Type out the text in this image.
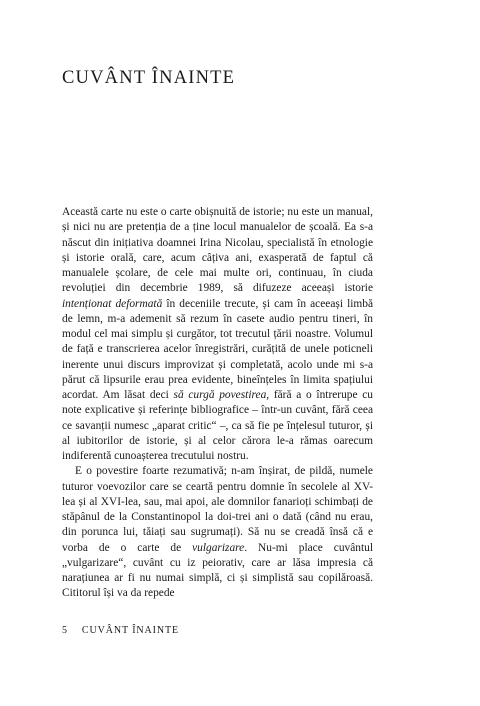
CUVÂNT ÎNAINTE

Această carte nu este o carte obișnuită de istorie; nu este un manual, și nici nu are pretenția de a ține locul manualelor de școală. Ea s-a născut din inițiativa doamnei Irina Nicolau, specialistă în etnologie și istorie orală, care, acum câțiva ani, exasperată de faptul că manualele școlare, de cele mai multe ori, continuau, în ciuda revoluției din decembrie 1989, să difuzeze aceeași istorie intenționat deformată în deceniile trecute, și cam în aceeași limbă de lemn, m-a ademenit să rezum în casete audio pentru tineri, în modul cel mai simplu și curgător, tot trecutul țării noastre. Volumul de față e transcrierea acelor înregistrări, curățită de unele poticneli inerente unui discurs improvizat și completată, acolo unde mi s-a părut că lipsurile erau prea evidente, bineînțeles în limita spațiului acordat. Am lăsat deci să curgă povestirea, fără a o întrerupe cu note explicative și referințe bibliografice – într-un cuvânt, fără ceea ce savanții numesc „aparat critic“ –, ca să fie pe înțelesul tuturor, și al iubitorilor de istorie, și al celor cărora le-a rămas oarecum indiferentă cunoașterea trecutului nostru.

E o povestire foarte rezumativă; n-am înșirat, de pildă, numele tuturor voevozilor care se ceartă pentru domnie în secolele al XV-lea și al XVI-lea, sau, mai apoi, ale domnilor fanarioți schimbați de stăpânul de la Constantinopol la doi-trei ani o dată (când nu erau, din porunca lui, tăiați sau sugrumați). Să nu se creadă însă că e vorba de o carte de vulgarizare. Nu-mi place cuvântul „vulgarizare“, cuvânt cu iz peiorativ, care ar lăsa impresia că narațiunea ar fi nu numai simplă, ci și simplistă sau copilăroasă. Cititorul își va da repede

5 CUVÂNT ÎNAINTE
